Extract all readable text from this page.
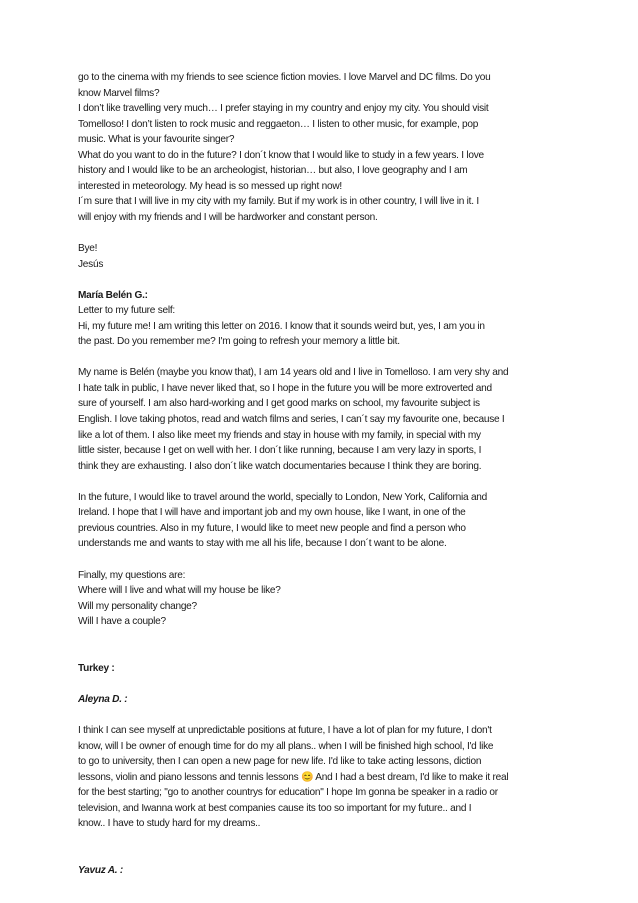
go to the cinema with my friends to see science fiction movies. I love Marvel and DC films. Do you
know Marvel films?
I don’t like travelling very much… I prefer staying in my country and enjoy my city. You should visit
Tomelloso! I don’t listen to rock music and reggaeton… I listen to other music, for example, pop
music. What is your favourite singer?
What do you want to do in the future? I don´t know that I would like to study in a few years. I love
history and I would like to be an archeologist, historian… but also, I love geography and I am
interested in meteorology. My head is so messed up right now!
I´m sure that I will live in my city with my family. But if my work is in other country, I will live in it. I
will enjoy with my friends and I will be hardworker and constant person.
Bye!
Jesús
María Belén G.:
Letter to my future self:
Hi, my future me! I am writing this letter on 2016. I know that it sounds weird but, yes, I am you in
the past. Do you remember me? I'm going to refresh your memory a little bit.
My name is Belén (maybe you know that), I am 14 years old and I live in Tomelloso. I am very shy and
I hate talk in public, I have never liked that, so I hope in the future you will be more extroverted and
sure of yourself. I am also hard-working and I get good marks on school, my favourite subject is
English. I love taking photos, read and watch films and series, I can´t say my favourite one, because I
like a lot of them. I also like meet my friends and stay in house with my family, in special with my
little sister, because I get on well with her. I don´t like running, because I am very lazy in sports, I
think they are exhausting. I also don´t like watch documentaries because I think they are boring.
In the future, I would like to travel around the world, specially to London, New York, California and
Ireland. I hope that I will have and important job and my own house, like I want, in one of the
previous countries. Also in my future, I would like to meet new people and find a person who
understands me and wants to stay with me all his life, because I don´t want to be alone.
Finally, my questions are:
Where will I live and what will my house be like?
Will my personality change?
Will I have a couple?
Turkey :
Aleyna D. :
I think I can see myself at unpredictable positions at future, I have a lot of plan for my future, I don't
know, will I be owner of enough time for do my all plans.. when I will be finished high school, I'd like
to go to university, then I can open a new page for new life. I'd like to take acting lessons, diction
lessons, violin and piano lessons and tennis lessons 😊 And I had a best dream, I'd like to make it real
for the best starting; "go to another countrys for education" I hope Im gonna be speaker in a radio or
television, and Iwanna work at best companies cause its too so important for my future.. and I
know.. I have to study hard for my dreams..
Yavuz A. :
